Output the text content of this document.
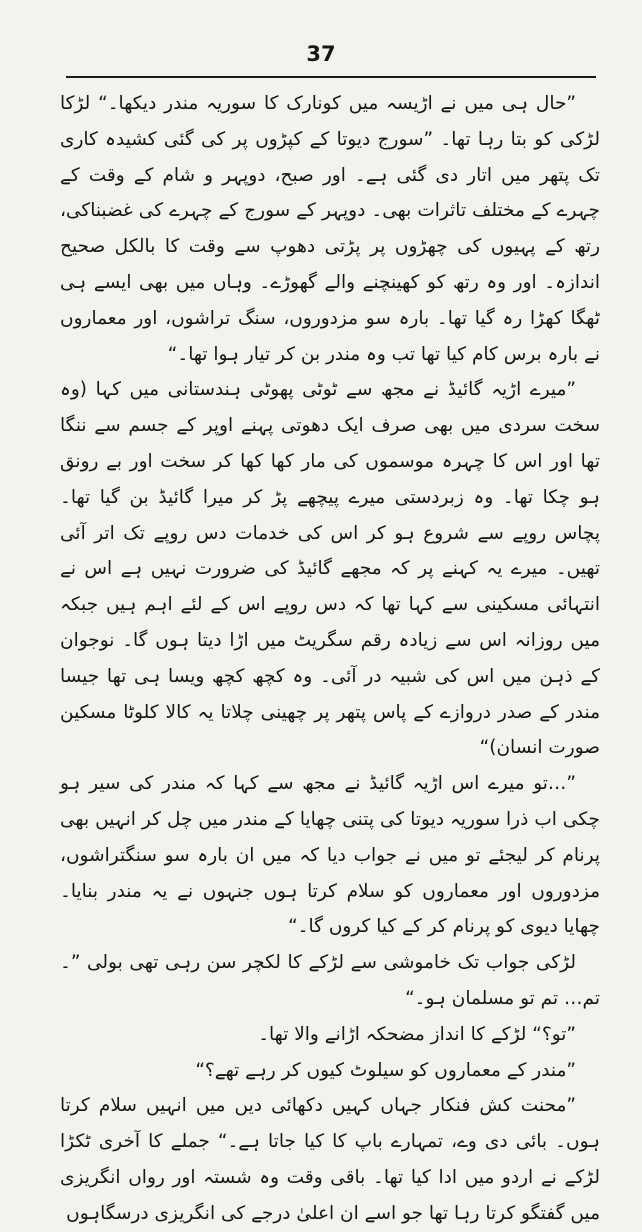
37

”حال ہی میں نے اڑیسہ میں کونارک کا سوریہ مندر دیکھا۔“ لڑکا لڑکی کو بتا رہا تھا۔ ”سورج دیوتا کے کپڑوں پر کی گئی کشیدہ کاری تک پتھر میں اتار دی گئی ہے۔ اور صبح، دوپہر و شام کے وقت کے چہرے کے مختلف تاثرات بھی۔ دوپہر کے سورج کے چہرے کی غضبناکی، رتھ کے پہیوں کی چھڑوں پر پڑتی دھوپ سے وقت کا بالکل صحیح اندازہ۔ اور وہ رتھ کو کھینچنے والے گھوڑے۔ وہاں میں بھی ایسے ہی ٹھگا کھڑا رہ گیا تھا۔ بارہ سو مزدوروں، سنگ تراشوں، اور معماروں نے بارہ برس کام کیا تھا تب وہ مندر بن کر تیار ہوا تھا۔“

”میرے اڑیہ گائیڈ نے مجھ سے ٹوٹی پھوٹی ہندستانی میں کہا (وہ سخت سردی میں بھی صرف ایک دھوتی پہنے اوپر کے جسم سے ننگا تھا اور اس کا چہرہ موسموں کی مار کھا کھا کر سخت اور بے رونق ہو چکا تھا۔ وہ زبردستی میرے پیچھے پڑ کر میرا گائیڈ بن گیا تھا۔ پچاس روپے سے شروع ہو کر اس کی خدمات دس روپے تک اتر آئی تھیں۔ میرے یہ کہنے پر کہ مجھے گائیڈ کی ضرورت نہیں ہے اس نے انتہائی مسکینی سے کہا تھا کہ دس روپے اس کے لئے اہم ہیں جبکہ میں روزانہ اس سے زیادہ رقم سگریٹ میں اڑا دیتا ہوں گا۔ نوجوان کے ذہن میں اس کی شبیہ در آئی۔ وہ کچھ کچھ ویسا ہی تھا جیسا مندر کے صدر دروازے کے پاس پتھر پر چھینی چلاتا یہ کالا کلوٹا مسکین صورت انسان)“

”…تو میرے اس اڑیہ گائیڈ نے مجھ سے کہا کہ مندر کی سیر ہو چکی اب ذرا سوریہ دیوتا کی پتنی چھایا کے مندر میں چل کر انہیں بھی پرنام کر لیجئے تو میں نے جواب دیا کہ میں ان بارہ سو سنگتراشوں، مزدوروں اور معماروں کو سلام کرتا ہوں جنہوں نے یہ مندر بنایا۔ چھایا دیوی کو پرنام کر کے کیا کروں گا۔“

لڑکی جواب تک خاموشی سے لڑکے کا لکچر سن رہی تھی بولی ”۔ تم… تم تو مسلمان ہو۔“

”تو؟“ لڑکے کا انداز مضحکہ اڑانے والا تھا۔

”مندر کے معماروں کو سیلوٹ کیوں کر رہے تھے؟“

”محنت کش فنکار جہاں کہیں دکھائی دیں میں انہیں سلام کرتا ہوں۔ بائی دی وے، تمہارے باپ کا کیا جاتا ہے۔“ جملے کا آخری ٹکڑا لڑکے نے اردو میں ادا کیا تھا۔ باقی وقت وہ شستہ اور رواں انگریزی میں گفتگو کرتا رہا تھا جو اسے ان اعلیٰ درجے کی انگریزی درسگاہوں
